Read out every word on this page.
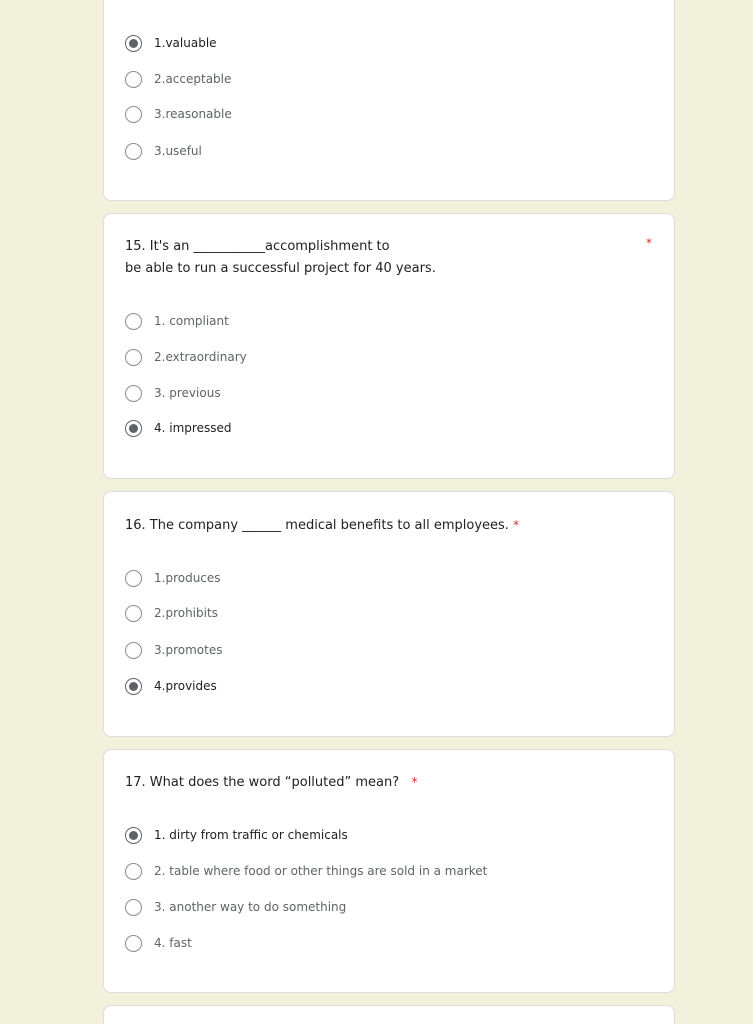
1.valuable
2.acceptable
3.reasonable
3.useful
15. It's an ___________accomplishment to
be able to run a successful project for 40 years.
*
1. compliant
2.extraordinary
3. previous
4. impressed
16. The company ______ medical benefits to all employees. *
1.produces
2.prohibits
3.promotes
4.provides
17. What does the word “polluted” mean? *
1. dirty from traffic or chemicals
2. table where food or other things are sold in a market
3. another way to do something
4. fast
